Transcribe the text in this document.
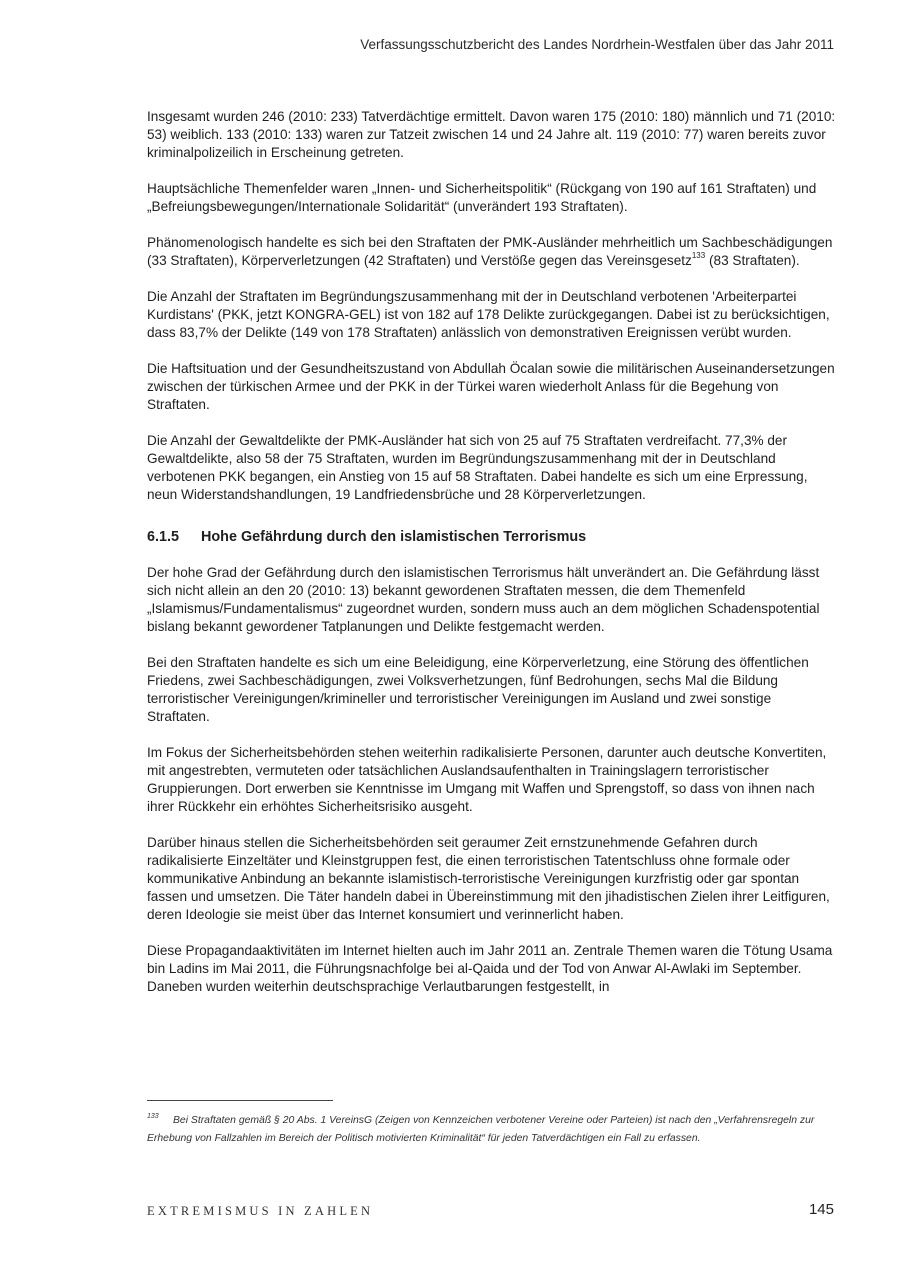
Verfassungsschutzbericht des Landes Nordrhein-Westfalen über das Jahr 2011

Insgesamt wurden 246 (2010: 233) Tatverdächtige ermittelt. Davon waren 175 (2010: 180) männlich und 71 (2010: 53) weiblich. 133 (2010: 133) waren zur Tatzeit zwischen 14 und 24 Jahre alt. 119 (2010: 77) waren bereits zuvor kriminalpolizeilich in Erscheinung getreten.

Hauptsächliche Themenfelder waren „Innen- und Sicherheitspolitik“ (Rückgang von 190 auf 161 Straftaten) und „Befreiungsbewegungen/Internationale Solidarität“ (unverändert 193 Straftaten).

Phänomenologisch handelte es sich bei den Straftaten der PMK-Ausländer mehrheitlich um Sachbeschädigungen (33 Straftaten), Körperverletzungen (42 Straftaten) und Verstöße gegen das Vereinsgesetz$^{133}$ (83 Straftaten).

Die Anzahl der Straftaten im Begründungszusammenhang mit der in Deutschland verbotenen 'Arbeiterpartei Kurdistans' (PKK, jetzt KONGRA-GEL) ist von 182 auf 178 Delikte zurückgegangen. Dabei ist zu berücksichtigen, dass 83,7% der Delikte (149 von 178 Straftaten) anlässlich von demonstrativen Ereignissen verübt wurden.

Die Haftsituation und der Gesundheitszustand von Abdullah Öcalan sowie die militärischen Auseinandersetzungen zwischen der türkischen Armee und der PKK in der Türkei waren wiederholt Anlass für die Begehung von Straftaten.

Die Anzahl der Gewaltdelikte der PMK-Ausländer hat sich von 25 auf 75 Straftaten verdreifacht. 77,3% der Gewaltdelikte, also 58 der 75 Straftaten, wurden im Begründungszusammenhang mit der in Deutschland verbotenen PKK begangen, ein Anstieg von 15 auf 58 Straftaten. Dabei handelte es sich um eine Erpressung, neun Widerstandshandlungen, 19 Landfriedensbrüche und 28 Körperverletzungen.

6.1.5 Hohe Gefährdung durch den islamistischen Terrorismus

Der hohe Grad der Gefährdung durch den islamistischen Terrorismus hält unverändert an. Die Gefährdung lässt sich nicht allein an den 20 (2010: 13) bekannt gewordenen Straftaten messen, die dem Themenfeld „Islamismus/Fundamentalismus“ zugeordnet wurden, sondern muss auch an dem möglichen Schadenspotential bislang bekannt gewordener Tatplanungen und Delikte festgemacht werden.

Bei den Straftaten handelte es sich um eine Beleidigung, eine Körperverletzung, eine Störung des öffentlichen Friedens, zwei Sachbeschädigungen, zwei Volksverhetzungen, fünf Bedrohungen, sechs Mal die Bildung terroristischer Vereinigungen/krimineller und terroristischer Vereinigungen im Ausland und zwei sonstige Straftaten.

Im Fokus der Sicherheitsbehörden stehen weiterhin radikalisierte Personen, darunter auch deutsche Konvertiten, mit angestrebten, vermuteten oder tatsächlichen Auslandsaufenthalten in Trainingslagern terroristischer Gruppierungen. Dort erwerben sie Kenntnisse im Umgang mit Waffen und Sprengstoff, so dass von ihnen nach ihrer Rückkehr ein erhöhtes Sicherheitsrisiko ausgeht.

Darüber hinaus stellen die Sicherheitsbehörden seit geraumer Zeit ernstzunehmende Gefahren durch radikalisierte Einzeltäter und Kleinstgruppen fest, die einen terroristischen Tatentschluss ohne formale oder kommunikative Anbindung an bekannte islamistisch-terroristische Vereinigungen kurzfristig oder gar spontan fassen und umsetzen. Die Täter handeln dabei in Übereinstimmung mit den jihadistischen Zielen ihrer Leitfiguren, deren Ideologie sie meist über das Internet konsumiert und verinnerlicht haben.

Diese Propagandaaktivitäten im Internet hielten auch im Jahr 2011 an. Zentrale Themen waren die Tötung Usama bin Ladins im Mai 2011, die Führungsnachfolge bei al-Qaida und der Tod von Anwar Al-Awlaki im September. Daneben wurden weiterhin deutschsprachige Verlautbarungen festgestellt, in

133 Bei Straftaten gemäß § 20 Abs. 1 VereinsG (Zeigen von Kennzeichen verbotener Vereine oder Parteien) ist nach den „Verfahrensregeln zur Erhebung von Fallzahlen im Bereich der Politisch motivierten Kriminalität“ für jeden Tatverdächtigen ein Fall zu erfassen.
EXTREMISMUS IN ZAHLEN	145
